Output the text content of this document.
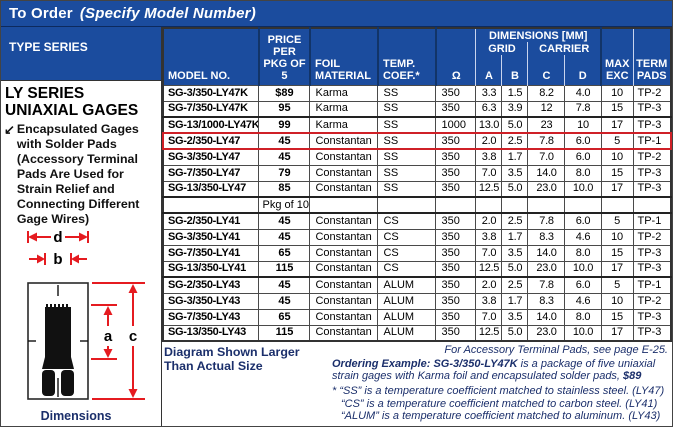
To Order (Specify Model Number)
TYPE SERIES
LY SERIES
UNIAXIAL GAGES
↙ Encapsulated Gages with Solder Pads (Accessory Terminal Pads Are Used for Strain Relief and Connecting Different Gage Wires)
d
b
a c
Dimensions
MODEL NO.	PRICE PER PKG OF 5	FOIL MATERIAL	TEMP. COEF.*	Ω	DIMENSIONS [MM]				MAX EXC	TERM PADS
					GRID		CARRIER			
					A	B	C	D		
SG-3/350-LY47K	$89	Karma	SS	350	3.3	1.5	8.2	4.0	10	TP-2
SG-7/350-LY47K	95	Karma	SS	350	6.3	3.9	12	7.8	15	TP-3
SG-13/1000-LY47K	99	Karma	SS	1000	13.0	5.0	23	10	17	TP-3
SG-2/350-LY47	45	Constantan	SS	350	2.0	2.5	7.8	6.0	5	TP-1
SG-3/350-LY47	45	Constantan	SS	350	3.8	1.7	7.0	6.0	10	TP-2
SG-7/350-LY47	79	Constantan	SS	350	7.0	3.5	14.0	8.0	15	TP-3
SG-13/350-LY47	85	Constantan	SS	350	12.5	5.0	23.0	10.0	17	TP-3
	Pkg of 10									
SG-2/350-LY41	45	Constantan	CS	350	2.0	2.5	7.8	6.0	5	TP-1
SG-3/350-LY41	45	Constantan	CS	350	3.8	1.7	8.3	4.6	10	TP-2
SG-7/350-LY41	65	Constantan	CS	350	7.0	3.5	14.0	8.0	15	TP-3
SG-13/350-LY41	115	Constantan	CS	350	12.5	5.0	23.0	10.0	17	TP-3
SG-2/350-LY43	45	Constantan	ALUM	350	2.0	2.5	7.8	6.0	5	TP-1
SG-3/350-LY43	45	Constantan	ALUM	350	3.8	1.7	8.3	4.6	10	TP-2
SG-7/350-LY43	65	Constantan	ALUM	350	7.0	3.5	14.0	8.0	15	TP-3
SG-13/350-LY43	115	Constantan	ALUM	350	12.5	5.0	23.0	10.0	17	TP-3
Diagram Shown Larger Than Actual Size
For Accessory Terminal Pads, see page E-25.
Ordering Example: SG-3/350-LY47K is a package of five uniaxial strain gages with Karma foil and encapsulated solder pads, $89
* “SS” is a temperature coefficient matched to stainless steel. (LY47)
“CS” is a temperature coefficient matched to carbon steel. (LY41)
“ALUM” is a temperature coefficient matched to aluminum. (LY43)
